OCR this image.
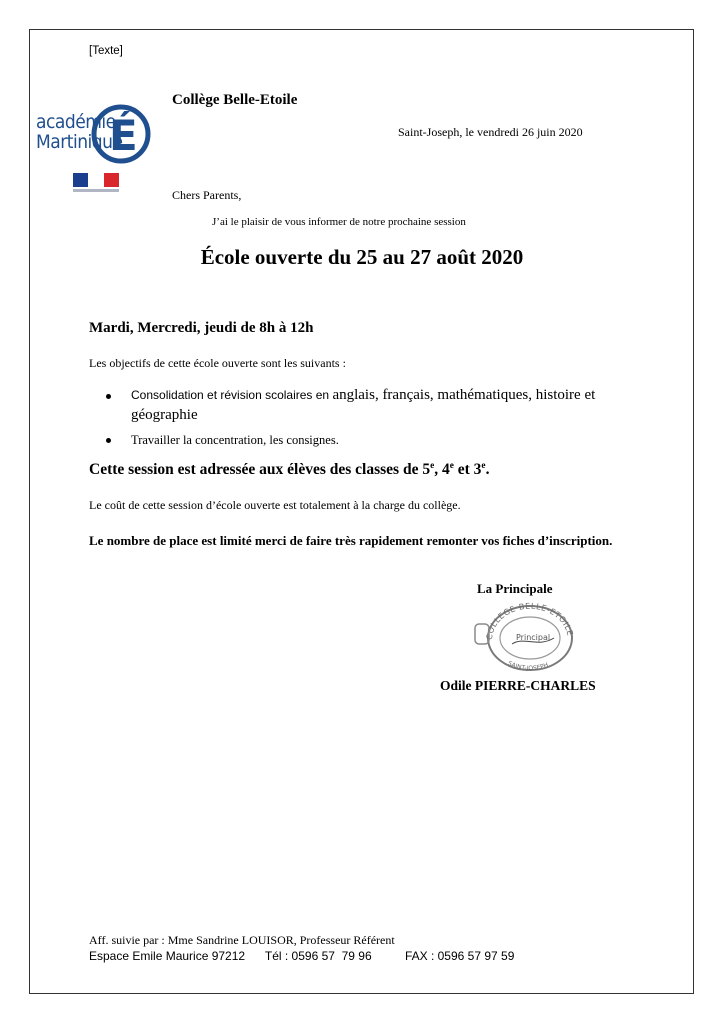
[Texte]
É
académie
Martinique
Collège Belle-Etoile
Saint-Joseph, le vendredi 26 juin 2020
Chers Parents,
J’ai le plaisir de vous informer de notre prochaine session
École ouverte du 25 au 27 août 2020
Mardi, Mercredi, jeudi de 8h à 12h
Les objectifs de cette école ouverte sont les suivants :
Consolidation et révision scolaires en anglais, français, mathématiques, histoire et géographie
Travailler la concentration, les consignes.
Cette session est adressée aux élèves des classes de 5e, 4e et 3e.
Le coût de cette session d’école ouverte est totalement à la charge du collège.
Le nombre de place est limité merci de faire très rapidement remonter vos fiches d’inscription.
La Principale
COLLEGE BELLE-ETOILE
SAINT-JOSEPH
Principal
Odile PIERRE-CHARLES
Aff. suivie par : Mme Sandrine LOUISOR, Professeur Référent
Espace Emile Maurice 97212      Tél : 0596 57  79 96          FAX : 0596 57 97 59
